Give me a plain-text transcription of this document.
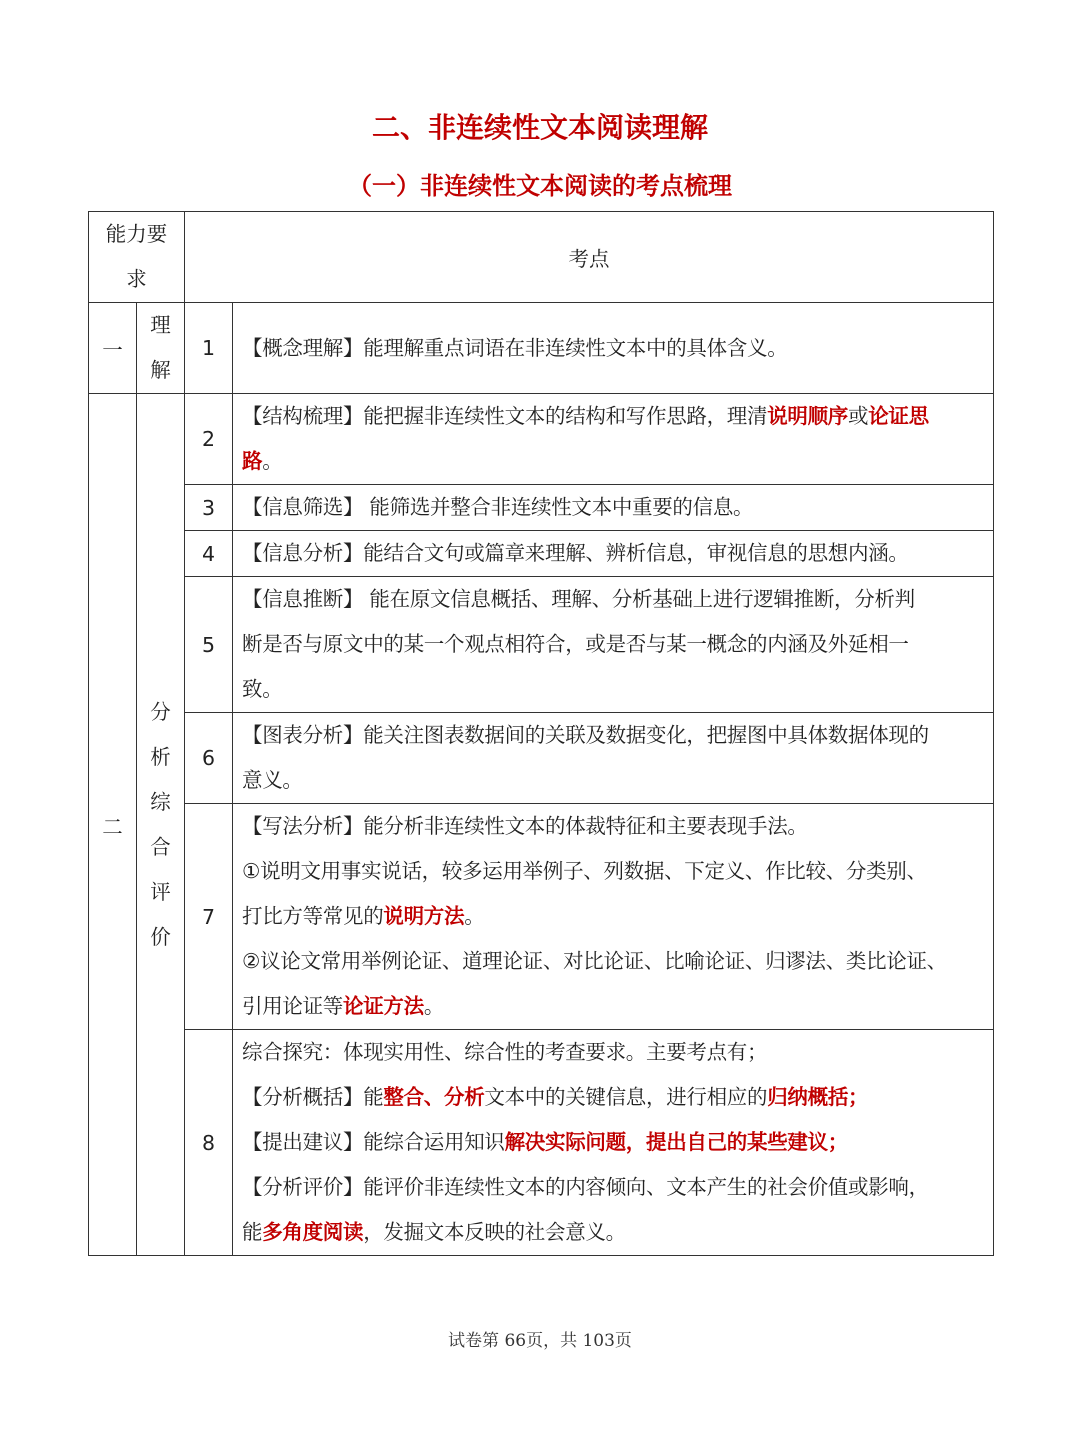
二、非连续性文本阅读理解
（一）非连续性文本阅读的考点梳理
能力要求		考点	
一	理解	1	【概念理解】能理解重点词语在非连续性文本中的具体含义。

二	分析综合评价	2	【结构梳理】能把握非连续性文本的结构和写作思路，理清说明顺序或论证思
路。

		3	【信息筛选】 能筛选并整合非连续性文本中重要的信息。

		4	【信息分析】能结合文句或篇章来理解、辨析信息，审视信息的思想内涵。

		5	【信息推断】 能在原文信息概括、理解、分析基础上进行逻辑推断，分析判
断是否与原文中的某一个观点相符合，或是否与某一概念的内涵及外延相一
致。

		6	【图表分析】能关注图表数据间的关联及数据变化，把握图中具体数据体现的
意义。

		7	【写法分析】能分析非连续性文本的体裁特征和主要表现手法。
①说明文用事实说话，较多运用举例子、列数据、下定义、作比较、分类别、
打比方等常见的说明方法。
②议论文常用举例论证、道理论证、对比论证、比喻论证、归谬法、类比论证、
引用论证等论证方法。

		8	综合探究：体现实用性、综合性的考查要求。主要考点有；
【分析概括】能整合、分析文本中的关键信息，进行相应的归纳概括；
【提出建议】能综合运用知识解决实际问题，提出自己的某些建议；
【分析评价】能评价非连续性文本的内容倾向、文本产生的社会价值或影响，
能多角度阅读，发掘文本反映的社会意义。
试卷第 66页，共 103页
